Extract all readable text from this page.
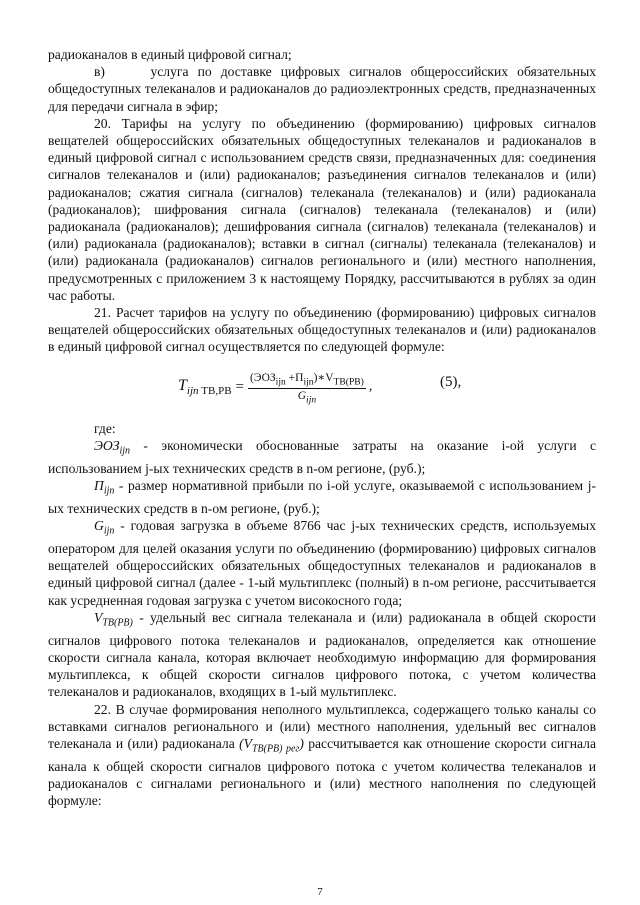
радиоканалов в единый цифровой сигнал;

в)	услуга по доставке цифровых сигналов общероссийских обязательных общедоступных телеканалов и радиоканалов до радиоэлектронных средств, предназначенных для передачи сигнала в эфир;

20. Тарифы на услугу по объединению (формированию) цифровых сигналов вещателей общероссийских обязательных общедоступных телеканалов и радиоканалов в единый цифровой сигнал с использованием средств связи, предназначенных для: соединения сигналов телеканалов и (или) радиоканалов; разъединения сигналов телеканалов и (или) радиоканалов; сжатия сигнала (сигналов) телеканала (телеканалов) и (или) радиоканала (радиоканалов); шифрования сигнала (сигналов) телеканала (телеканалов) и (или) радиоканала (радиоканалов); дешифрования сигнала (сигналов) телеканала (телеканалов) и (или) радиоканала (радиоканалов); вставки в сигнал (сигналы) телеканала (телеканалов) и (или) радиоканала (радиоканалов) сигналов регионального и (или) местного наполнения, предусмотренных с приложением 3 к настоящему Порядку, рассчитываются в рублях за один час работы.

21. Расчет тарифов на услугу по объединению (формированию) цифровых сигналов вещателей общероссийских обязательных общедоступных телеканалов и (или) радиоканалов в единый цифровой сигнал осуществляется по следующей формуле:

$T_{ijn}$ $_{ТВ,РВ} = \frac{(ЭОЗ_{ijn} +П_{ijn})∗V_{ТВ(РВ)}}{G_{ijn}}$ ,	(5),

где:

$ЭОЗ_{ijn}$ - экономически обоснованные затраты на оказание i-ой услуги с использованием j-ых технических средств в n-ом регионе, (руб.);

$П_{ijn}$ - размер нормативной прибыли по i-ой услуге, оказываемой с использованием j-ых технических средств в n-ом регионе, (руб.);

$G_{ijn}$ - годовая загрузка в объеме 8766 час j-ых технических средств, используемых оператором для целей оказания услуги по объединению (формированию) цифровых сигналов вещателей общероссийских обязательных общедоступных телеканалов и радиоканалов в единый цифровой сигнал (далее - 1-ый мультиплекс (полный) в n-ом регионе, рассчитывается как усредненная годовая загрузка с учетом високосного года;

$V_{ТВ(РВ)}$ - удельный вес сигнала телеканала и (или) радиоканала в общей скорости сигналов цифрового потока телеканалов и радиоканалов, определяется как отношение скорости сигнала канала, которая включает необходимую информацию для формирования мультиплекса, к общей скорости сигналов цифрового потока, с учетом количества телеканалов и радиоканалов, входящих в 1-ый мультиплекс.

22. В случае формирования неполного мультиплекса, содержащего только каналы со вставками сигналов регионального и (или) местного наполнения, удельный вес сигналов телеканала и (или) радиоканала $(V_{ТВ(РВ) рег})$ рассчитывается как отношение скорости сигнала канала к общей скорости сигналов цифрового потока с учетом количества телеканалов и радиоканалов с сигналами регионального и (или) местного наполнения по следующей формуле:

7
